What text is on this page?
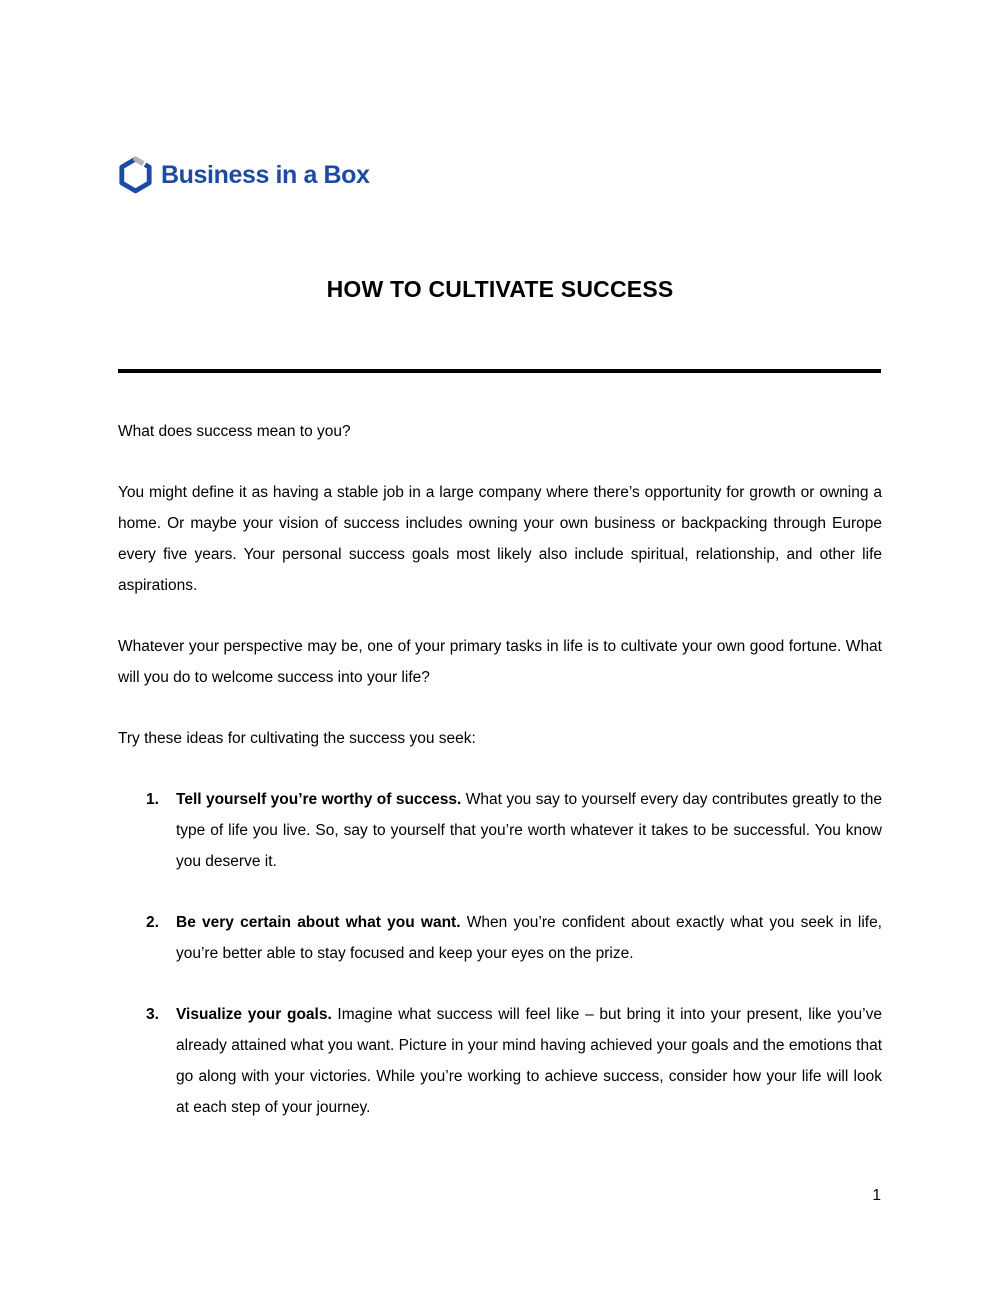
Business in a Box
HOW TO CULTIVATE SUCCESS

What does success mean to you?

You might define it as having a stable job in a large company where there’s opportunity for growth or owning a home. Or maybe your vision of success includes owning your own business or backpacking through Europe every five years. Your personal success goals most likely also include spiritual, relationship, and other life aspirations.

Whatever your perspective may be, one of your primary tasks in life is to cultivate your own good fortune. What will you do to welcome success into your life?

Try these ideas for cultivating the success you seek:

1.	Tell yourself you’re worthy of success. What you say to yourself every day contributes greatly to the type of life you live. So, say to yourself that you’re worth whatever it takes to be successful. You know you deserve it.

2.	Be very certain about what you want. When you’re confident about exactly what you seek in life, you’re better able to stay focused and keep your eyes on the prize.

3.	Visualize your goals. Imagine what success will feel like – but bring it into your present, like you’ve already attained what you want. Picture in your mind having achieved your goals and the emotions that go along with your victories. While you’re working to achieve success, consider how your life will look at each step of your journey.

1
